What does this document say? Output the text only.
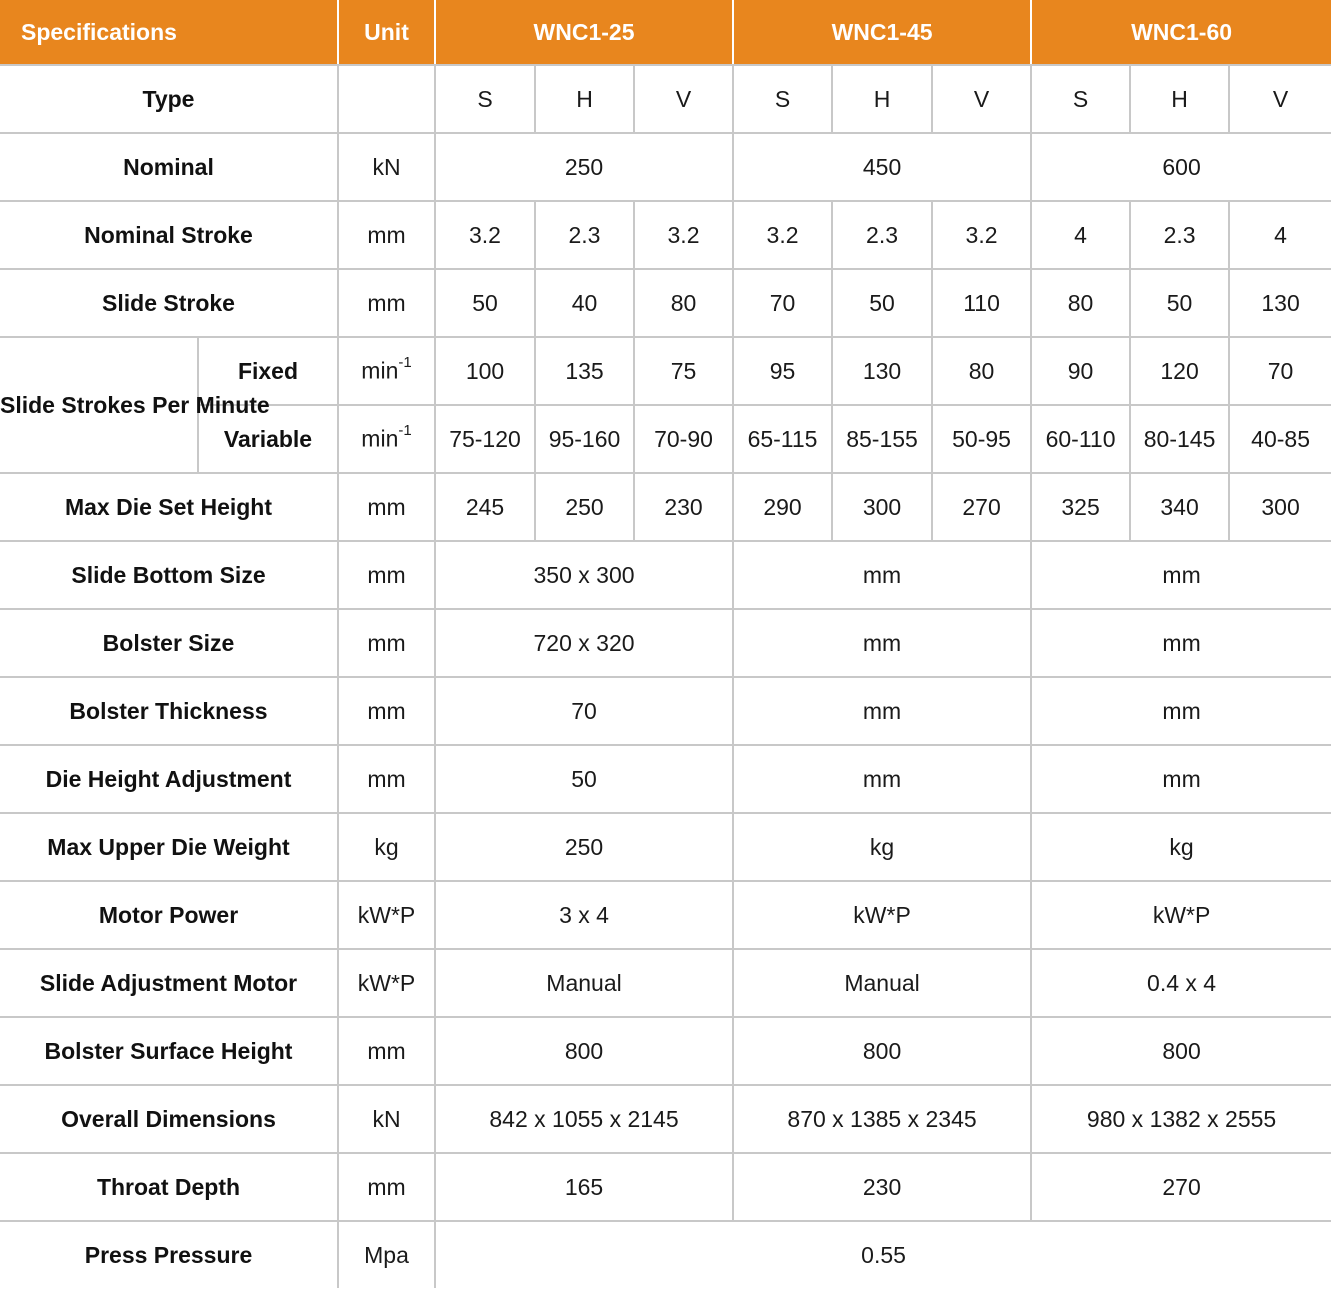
Specifications		Unit	WNC1-25			WNC1-45			WNC1-60		
Type			S	H	V	S	H	V	S	H	V
Nominal		kN	250			450			600		
Nominal Stroke		mm	3.2	2.3	3.2	3.2	2.3	3.2	4	2.3	4
Slide Stroke		mm	50	40	80	70	50	110	80	50	130
Slide Strokes Per Minute	Fixed	$\min^{-1}$	100	135	75	95	130	80	90	120	70
	Variable	$\min^{-1}$	75-120	95-160	70-90	65-115	85-155	50-95	60-110	80-145	40-85
Max Die Set Height		mm	245	250	230	290	300	270	325	340	300
Slide Bottom Size		mm	350 x 300			mm			mm		
Bolster Size		mm	720 x 320			mm			mm		
Bolster Thickness		mm	70			mm			mm		
Die Height Adjustment		mm	50			mm			mm		
Max Upper Die Weight		kg	250			kg			kg		
Motor Power		kW*P	3 x 4			kW*P			kW*P		
Slide Adjustment Motor		kW*P	Manual			Manual			0.4 x 4		
Bolster Surface Height		mm	800			800			800		
Overall Dimensions		kN	842 x 1055 x 2145			870 x 1385 x 2345			980 x 1382 x 2555		
Throat Depth		mm	165			230			270		
Press Pressure		Mpa	0.55								
